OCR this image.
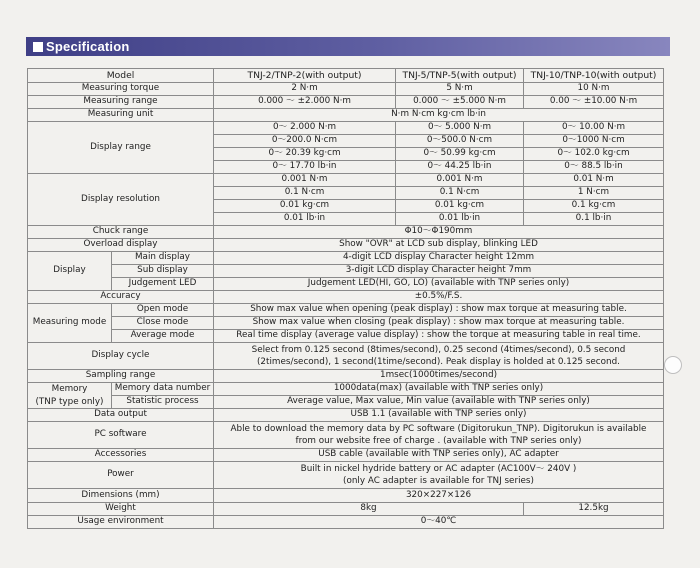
Specification
Model		TNJ-2/TNP-2(with output)	TNJ-5/TNP-5(with output)	TNJ-10/TNP-10(with output)
Measuring torque		2 N·m	5 N·m	10 N·m
Measuring range		0.000 ～ ±2.000 N·m	0.000 ～ ±5.000 N·m	0.00 ～ ±10.00 N·m
Measuring unit		N·m N·cm kg·cm lb·in		
Display range		0～ 2.000 N·m	0～ 5.000 N·m	0～ 10.00 N·m
		0～200.0 N·cm	0～500.0 N·cm	0～1000 N·cm
		0～ 20.39 kg·cm	0～ 50.99 kg·cm	0～ 102.0 kg·cm
		0～ 17.70 lb·in	0～ 44.25 lb·in	0～ 88.5 lb·in
Display resolution		0.001 N·m	0.001 N·m	0.01 N·m
		0.1 N·cm	0.1 N·cm	1 N·cm
		0.01 kg·cm	0.01 kg·cm	0.1 kg·cm
		0.01 lb·in	0.01 lb·in	0.1 lb·in
Chuck range		Φ10～Φ190mm		
Overload display		Show "OVR" at LCD sub display, blinking LED		
Display	Main display	4-digit LCD display Character height 12mm		
	Sub display	3-digit LCD display Character height 7mm		
	Judgement LED	Judgement LED(HI, GO, LO) (available with TNP series only)		
Accuracy		±0.5%/F.S.		
Measuring mode	Open mode	Show max value when opening (peak display) : show max torque at measuring table.		
	Close mode	Show max value when closing (peak display) : show max torque at measuring table.		
	Average mode	Real time display (average value display) : show the torque at measuring table in real time.		
Display cycle		Select from 0.125 second (8times/second), 0.25 second (4times/second), 0.5 second
(2times/second), 1 second(1time/second). Peak display is holded at 0.125 second.		

Sampling range		1msec(1000times/second)		

Memory
(TNP type only)	Memory data number	1000data(max) (available with TNP series only)		
	Statistic process	Average value, Max value, Min value (available with TNP series only)		
Data output		USB 1.1 (available with TNP series only)		
PC software		Able to download the memory data by PC software (Digitorukun_TNP). Digitorukun is available
from our website free of charge . (available with TNP series only)		

Accessories		USB cable (available with TNP series only), AC adapter		
Power		Built in nickel hydride battery or AC adapter (AC100V～ 240V )
(only AC adapter is available for TNJ series)		

Dimensions (mm)		320×227×126		
Weight		8kg		12.5kg
Usage environment		0～40℃		
